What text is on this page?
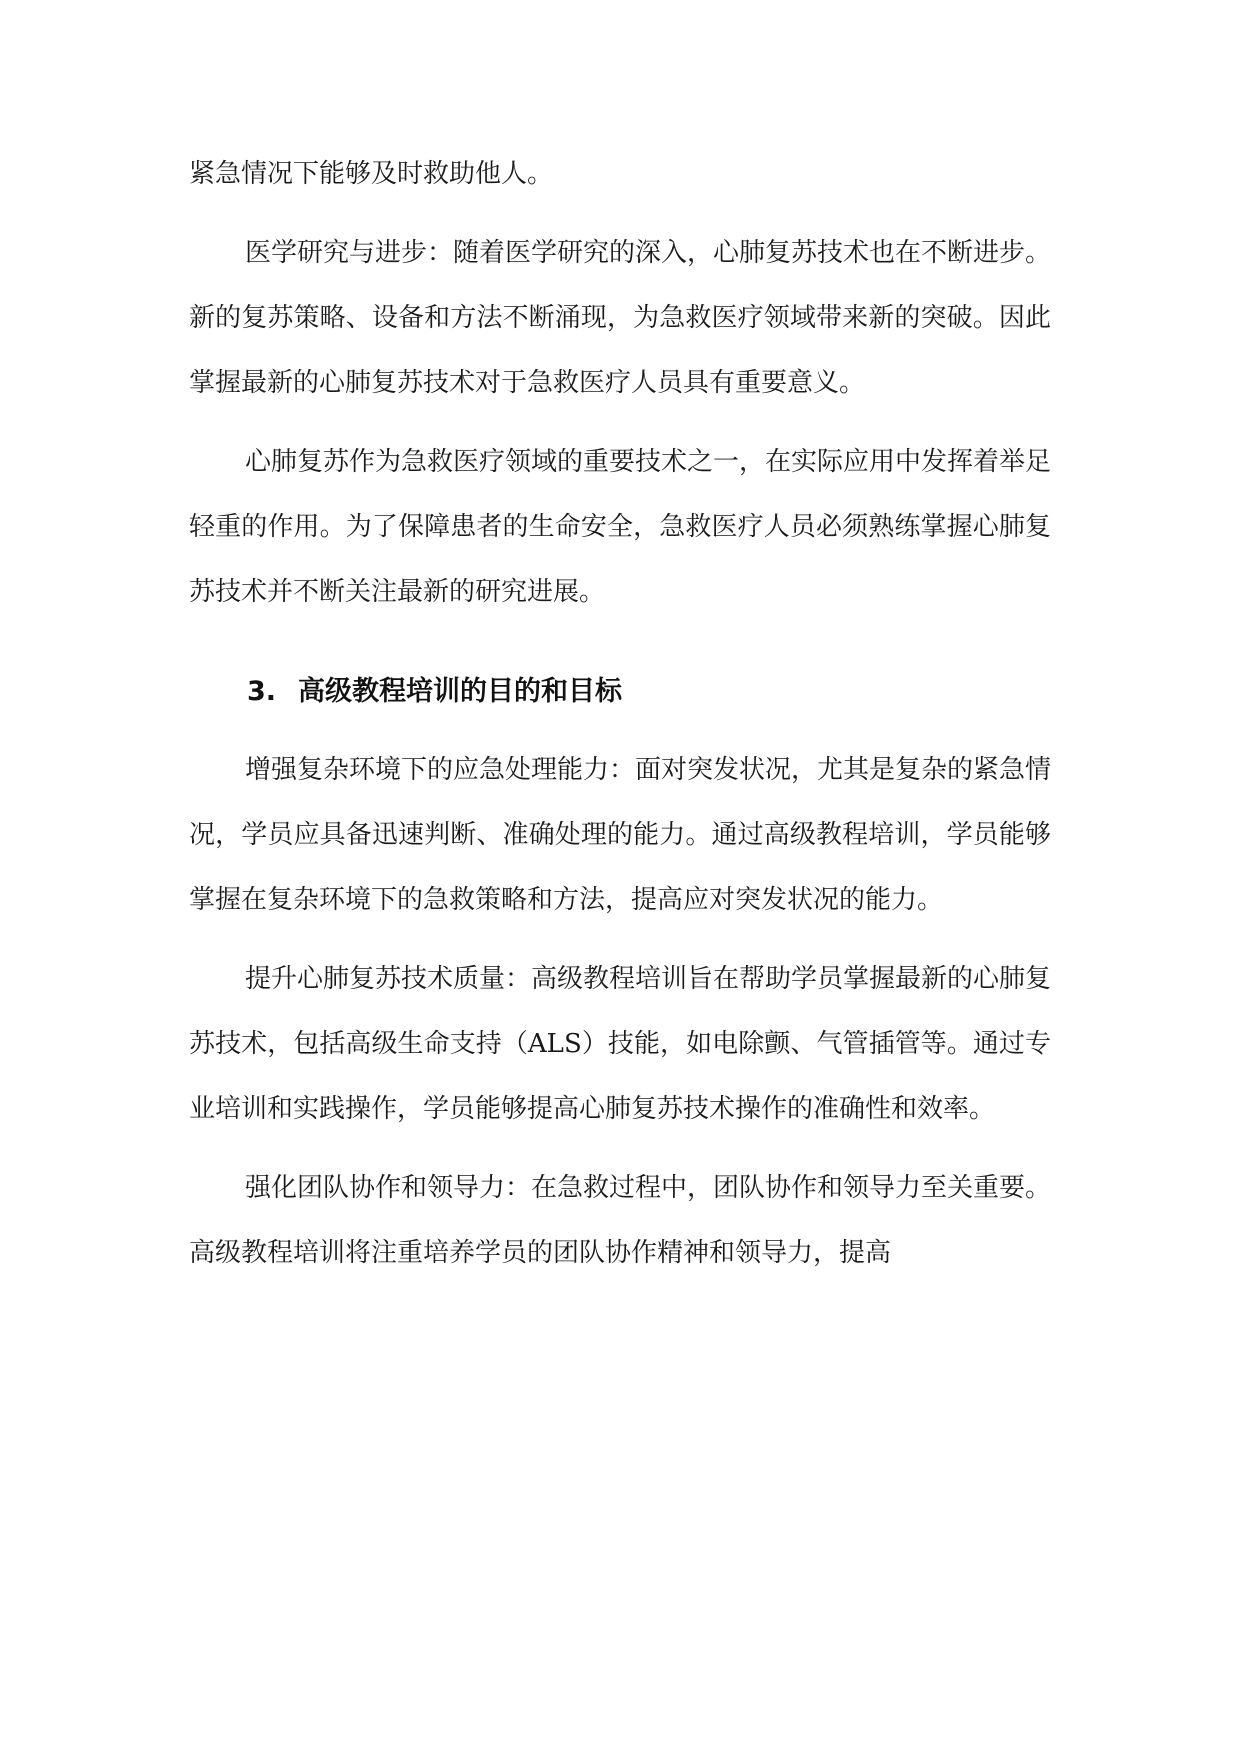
紧急情况下能够及时救助他人。

医学研究与进步：随着医学研究的深入，心肺复苏技术也在不断进步。新的复苏策略、设备和方法不断涌现，为急救医疗领域带来新的突破。因此掌握最新的心肺复苏技术对于急救医疗人员具有重要意义。

心肺复苏作为急救医疗领域的重要技术之一，在实际应用中发挥着举足轻重的作用。为了保障患者的生命安全，急救医疗人员必须熟练掌握心肺复苏技术并不断关注最新的研究进展。

3. 高级教程培训的目的和目标

增强复杂环境下的应急处理能力：面对突发状况，尤其是复杂的紧急情况，学员应具备迅速判断、准确处理的能力。通过高级教程培训，学员能够掌握在复杂环境下的急救策略和方法，提高应对突发状况的能力。

提升心肺复苏技术质量：高级教程培训旨在帮助学员掌握最新的心肺复苏技术，包括高级生命支持（ALS）技能，如电除颤、气管插管等。通过专业培训和实践操作，学员能够提高心肺复苏技术操作的准确性和效率。

强化团队协作和领导力：在急救过程中，团队协作和领导力至关重要。高级教程培训将注重培养学员的团队协作精神和领导力，提高
